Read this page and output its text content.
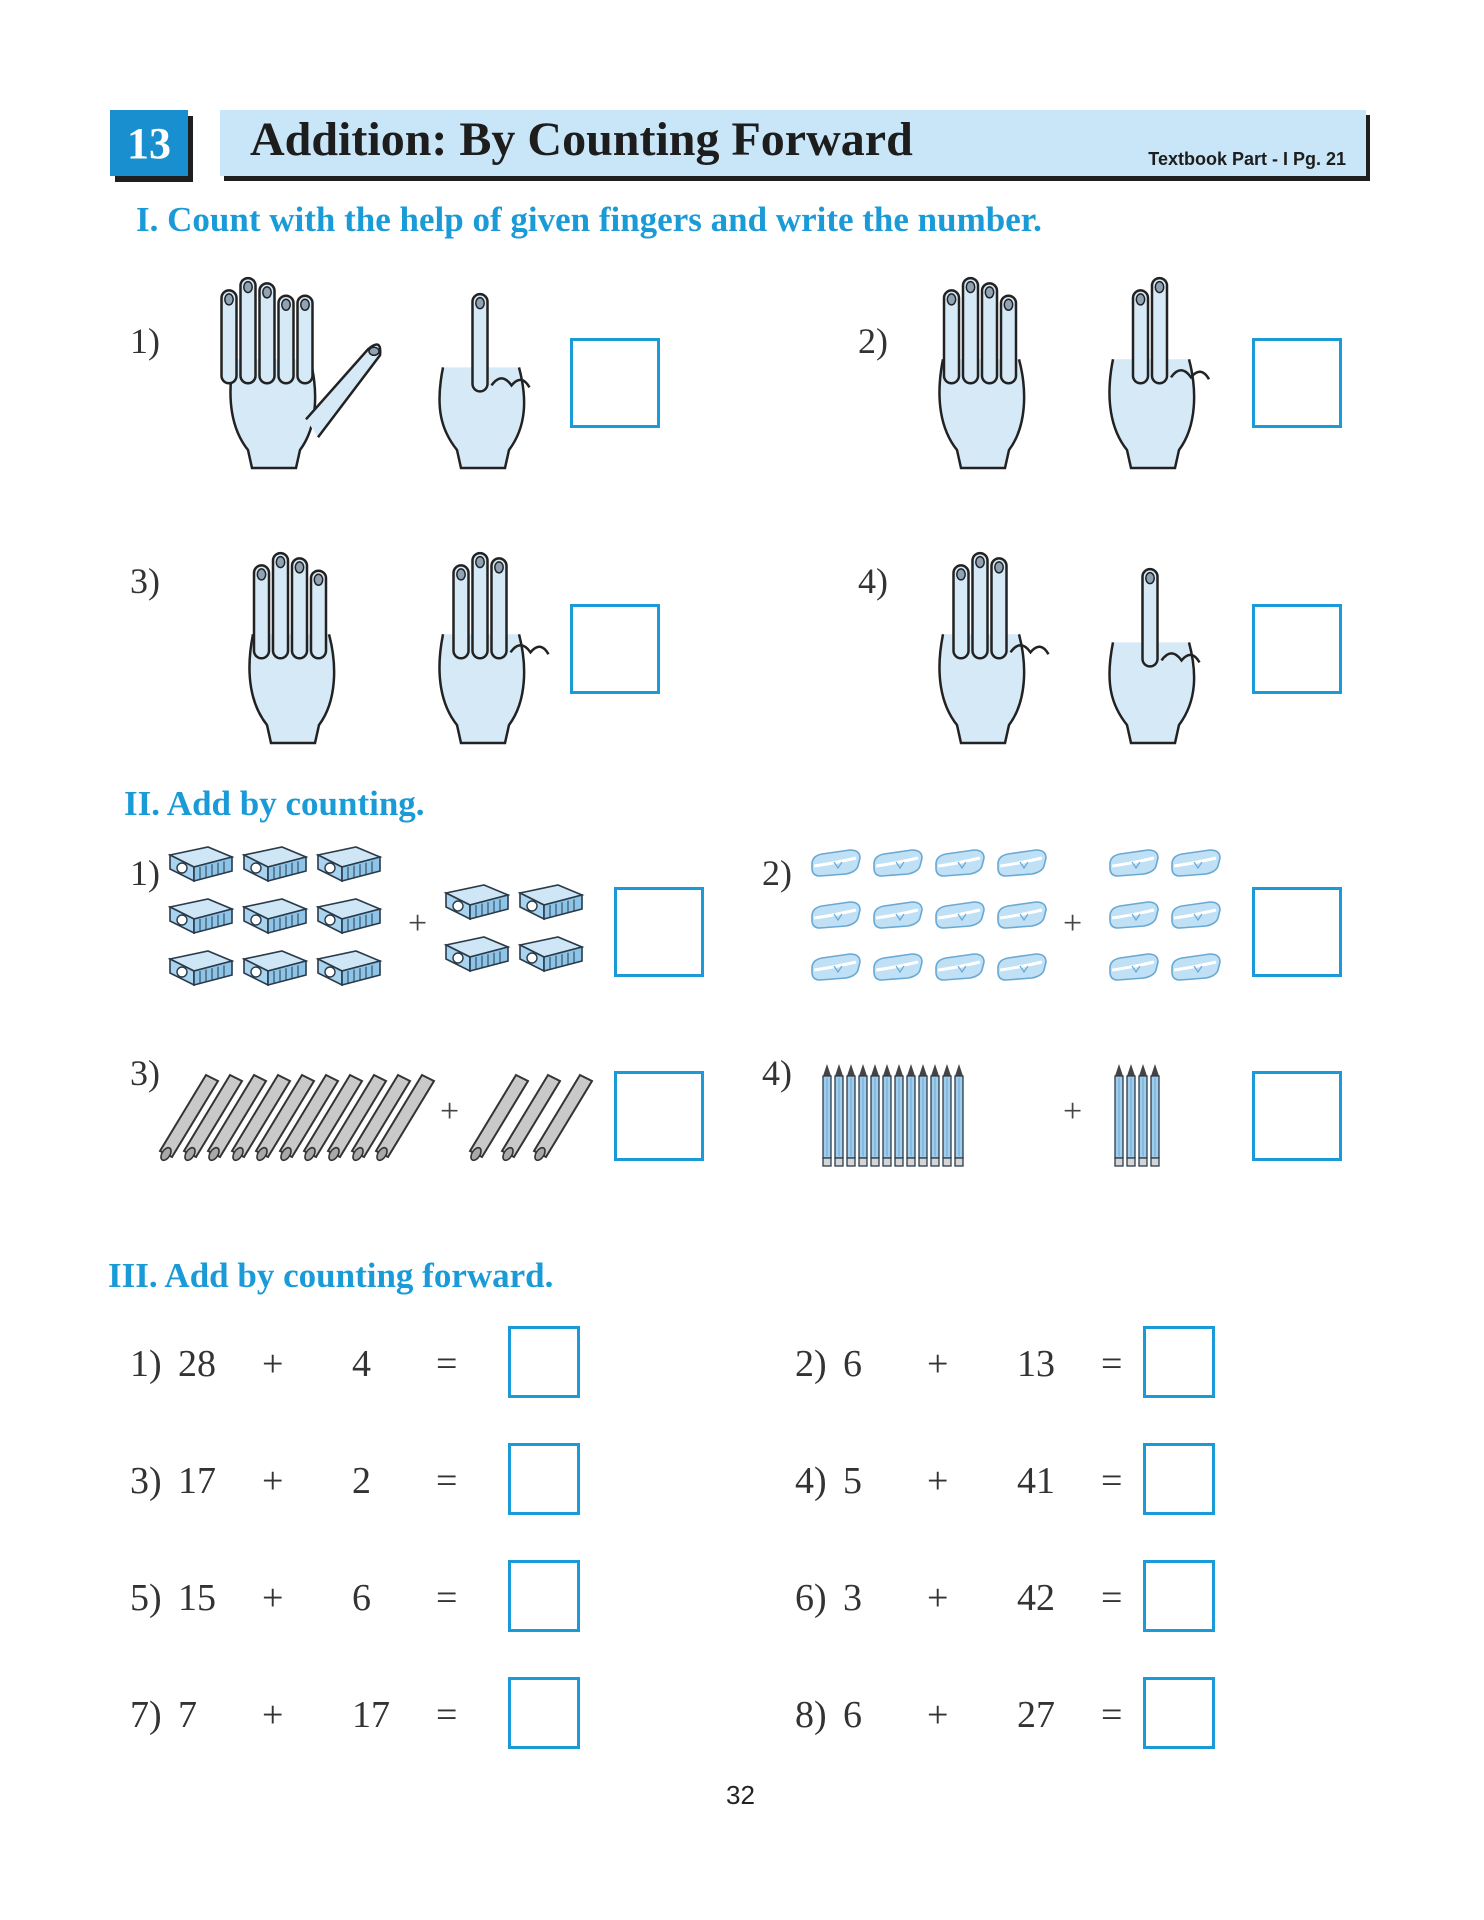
13 Addition: By Counting Forward	Textbook Part - I Pg. 21
I. Count with the help of given fingers and write the number.
1)	2)
3)	4)
II. Add by counting.
1)	2)
3)	4)
+	+
+	+
III. Add by counting forward.
1) 28 + 4 =	2) 6 + 13 =
3) 17 + 2 =	4) 5 + 41 =
5) 15 + 6 =	6) 3 + 42 =
7) 7 + 17 =	8) 6 + 27 =
32
